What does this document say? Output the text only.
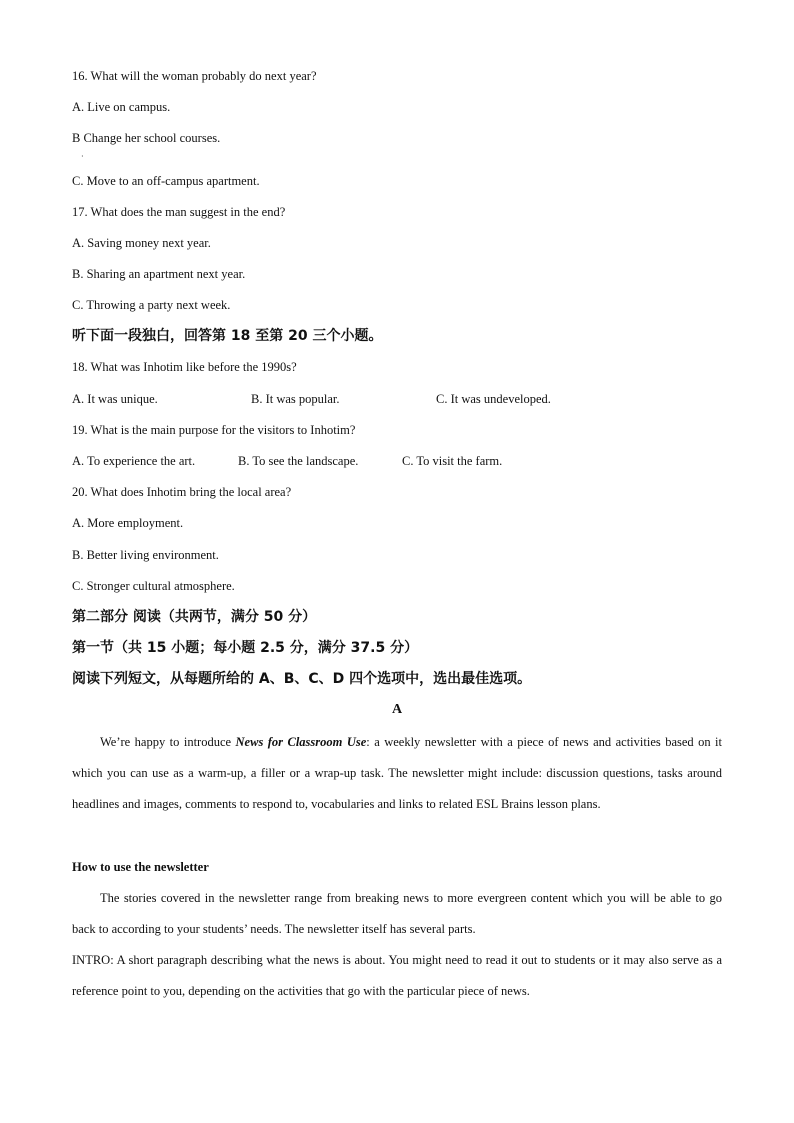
16. What will the woman probably do next year?

A. Live on campus.

B Change her school courses.

·

C. Move to an off-campus apartment.

17. What does the man suggest in the end?

A. Saving money next year.

B. Sharing an apartment next year.

C. Throwing a party next week.

听下面一段独白，回答第 18 至第 20 三个小题。

18. What was Inhotim like before the 1990s?

A. It was unique.	B. It was popular.	C. It was undeveloped.

19. What is the main purpose for the visitors to Inhotim?

A. To experience the art.	B. To see the landscape.	C. To visit the farm.

20. What does Inhotim bring the local area?

A. More employment.

B. Better living environment.

C. Stronger cultural atmosphere.

第二部分 阅读（共两节，满分 50 分）

第一节（共 15 小题；每小题 2.5 分，满分 37.5 分）

阅读下列短文，从每题所给的 A、B、C、D 四个选项中，选出最佳选项。

A

We’re happy to introduce News for Classroom Use: a weekly newsletter with a piece of news and activities based on it which you can use as a warm-up, a filler or a wrap-up task. The newsletter might include: discussion questions, tasks around headlines and images, comments to respond to, vocabularies and links to related ESL Brains lesson plans.

How to use the newsletter

The stories covered in the newsletter range from breaking news to more evergreen content which you will be able to go back to according to your students’ needs. The newsletter itself has several parts.

INTRO: A short paragraph describing what the news is about. You might need to read it out to students or it may also serve as a reference point to you, depending on the activities that go with the particular piece of news.
